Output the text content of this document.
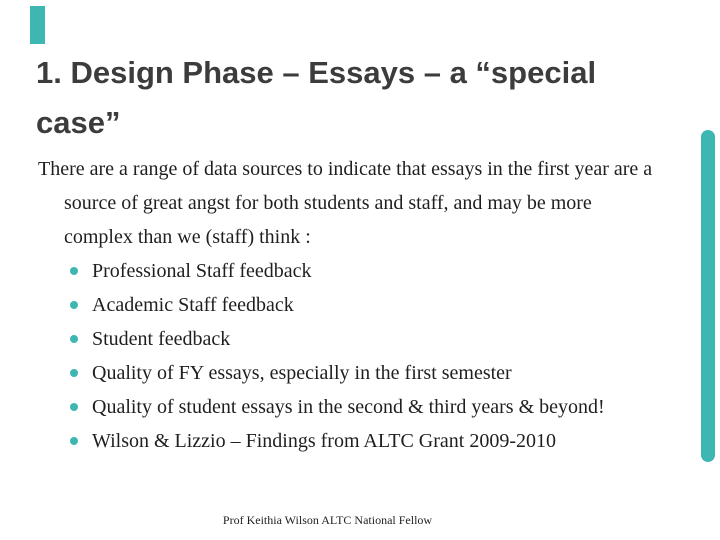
1. Design Phase – Essays – a “special case”

There are a range of data sources to indicate that essays in the first year are a source of great angst for both students and staff, and may be more complex than we (staff) think :

Professional Staff feedback
Academic Staff feedback
Student feedback
Quality of FY essays, especially in the first semester
Quality of student essays in the second & third years & beyond!
Wilson & Lizzio – Findings from ALTC Grant 2009-2010
Prof Keithia Wilson ALTC National Fellow
